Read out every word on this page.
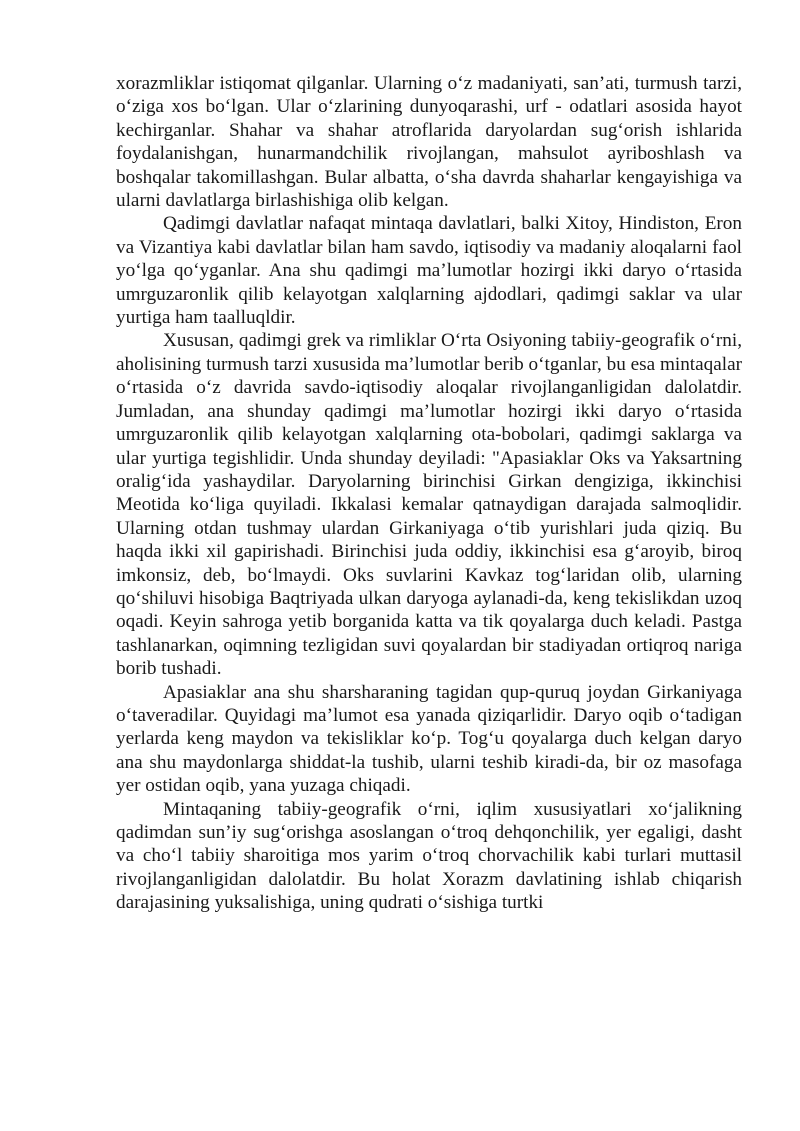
xorazmliklar istiqomat qilganlar. Ularning o‘z madaniyati, san’ati, turmush tarzi, o‘ziga xos bo‘lgan. Ular o‘zlarining dunyoqarashi, urf - odatlari asosida hayot kechirganlar. Shahar va shahar atroflarida daryolardan sug‘orish ishlarida foydalanishgan, hunarmandchilik rivojlangan, mahsulot ayriboshlash va boshqalar takomillashgan. Bular albatta, o‘sha davrda shaharlar kengayishiga va ularni davlatlarga birlashishiga olib kelgan.

Qadimgi davlatlar nafaqat mintaqa davlatlari, balki Xitoy, Hindiston, Eron va Vizantiya kabi davlatlar bilan ham savdo, iqtisodiy va madaniy aloqalarni faol yo‘lga qo‘yganlar. Ana shu qadimgi ma’lumotlar hozirgi ikki daryo o‘rtasida umrguzaronlik qilib kelayotgan xalqlarning ajdodlari, qadimgi saklar va ular yurtiga ham taalluqldir.

Xususan, qadimgi grek va rimliklar O‘rta Osiyoning tabiiy-geografik o‘rni, aholisining turmush tarzi xususida ma’lumotlar berib o‘tganlar, bu esa mintaqalar o‘rtasida o‘z davrida savdo-iqtisodiy aloqalar rivojlanganligidan dalolatdir. Jumladan, ana shunday qadimgi ma’lumotlar hozirgi ikki daryo o‘rtasida umrguzaronlik qilib kelayotgan xalqlarning ota-bobolari, qadimgi saklarga va ular yurtiga tegishlidir. Unda shunday deyiladi: "Apasiaklar Oks va Yaksartning oralig‘ida yashaydilar. Daryolarning birinchisi Girkan dengiziga, ikkinchisi Meotida ko‘liga quyiladi. Ikkalasi kemalar qatnaydigan darajada salmoqlidir. Ularning otdan tushmay ulardan Girkaniyaga o‘tib yurishlari juda qiziq. Bu haqda ikki xil gapirishadi. Birinchisi juda oddiy, ikkinchisi esa g‘aroyib, biroq imkonsiz, deb, bo‘lmaydi. Oks suvlarini Kavkaz tog‘laridan olib, ularning qo‘shiluvi hisobiga Baqtriyada ulkan daryoga aylanadi-da, keng tekislikdan uzoq oqadi. Keyin sahroga yetib borganida katta va tik qoyalarga duch keladi. Pastga tashlanarkan, oqimning tezligidan suvi qoyalardan bir stadiyadan ortiqroq nariga borib tushadi.

Apasiaklar ana shu sharsharaning tagidan qup-quruq joydan Girkaniyaga o‘taveradilar. Quyidagi ma’lumot esa yanada qiziqarlidir. Daryo oqib o‘tadigan yerlarda keng maydon va tekisliklar ko‘p. Tog‘u qoyalarga duch kelgan daryo ana shu maydonlarga shiddat-la tushib, ularni teshib kiradi-da, bir oz masofaga yer ostidan oqib, yana yuzaga chiqadi.

Mintaqaning tabiiy-geografik o‘rni, iqlim xususiyatlari xo‘jalikning qadimdan sun’iy sug‘orishga asoslangan o‘troq dehqonchilik, yer egaligi, dasht va cho‘l tabiiy sharoitiga mos yarim o‘troq chorvachilik kabi turlari muttasil rivojlanganligidan dalolatdir. Bu holat Xorazm davlatining ishlab chiqarish darajasining yuksalishiga, uning qudrati o‘sishiga turtki
